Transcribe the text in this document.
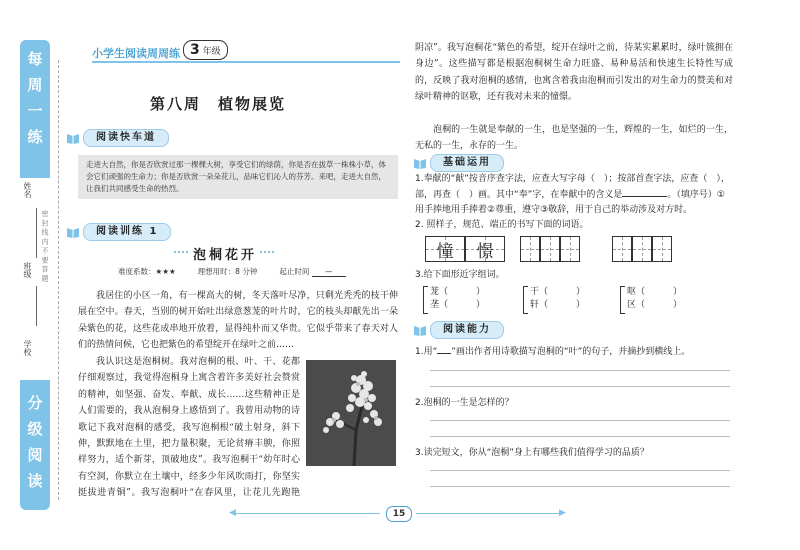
每
周
一
练
姓名
班级
学校
密 封 线 内 不 要 答 题
分
级
阅
读
小学生阅读周周练 3 年级
第八周　植物展览
阅读快车道
走进大自然，你是否欣赏过那一棵棵大树，享受它们的绿荫，你是否在拔草一株株小草，体会它们顽强的生命力；你是否欣赏一朵朵花儿，品味它们沁人的芬芳。来吧，走进大自然，让我们共同感受生命的热烈。
阅读训练 1
泡桐花开
难度系数：★★★	理想用时：8 分钟	起止时间 —

我居住的小区一角，有一棵高大的树，冬天落叶尽净，只剩光秃秃的枝干伸展在空中。春天，当别的树开始吐出绿意葱茏的叶片时，它的枝头却献先出一朵朵紫色的花，这些花成串地开放着，显得纯朴而又华贵。它似乎带来了春天对人们的热情问候，它也把紫色的希望绽开在绿叶之前……

我认识这是泡桐树。我对泡桐的根、叶、干、花都仔细观察过，我觉得泡桐身上寓含着许多美好社会赞赏的精神，如坚强、奋发、奉献、成长……这些精神正是人们需要的，我从泡桐身上感悟到了。我曾用动物的诗歌记下我对泡桐的感受，我写泡桐根“破土射身，斜下伸，默默地在土里，把力量积聚，无论贫瘠丰腴，你照样努力，适个新芽，顶破地皮”。我写泡桐干“幼年时心有空洞，你默立在土壤中，经多少年风吹雨打，你坚实挺拔进青铜”。我写泡桐叶“在春风里，让花儿先跑艳

阴凉”。我写泡桐花“紫色的希望，绽开在绿叶之前，待某实累累时，绿叶簇拥在身边”。这些描写都是根据泡桐树生命力旺盛、易种易活和快速生长特性写成的，反映了我对泡桐的感情，也寓含着我由泡桐而引发出的对生命力的赞美和对绿叶精神的讴歌，还有我对未来的憧憬。

泡桐的一生就是奉献的一生，也是坚强的一生，辉煌的一生，如烂的一生，无私的一生，永存的一生。

基础运用

1.奉献的“献”按音序查字法，应查大写字母（　）；按部首查字法，应查（　），部，再查（　）画。其中“奉”字，在奉献中的含义是	。（填序号）①用手捧地用手捧着②尊重，遵守③敬辞，用于自己的举动涉及对方时。

2. 照样子，规范、端正的书写下面的词语。

憧	憬

3.给下面形近字组词。

茏（	）
垄（	）
干（	）
轩（	）
呕（	）
区（	）
阅读能力

1.用“ ”画出作者用诗歌描写泡桐的“叶”的句子，并摘抄到横线上。

2.泡桐的一生是怎样的？

3.读完短文，你从“泡桐”身上有哪些我们值得学习的品质？

◀	15	▶
